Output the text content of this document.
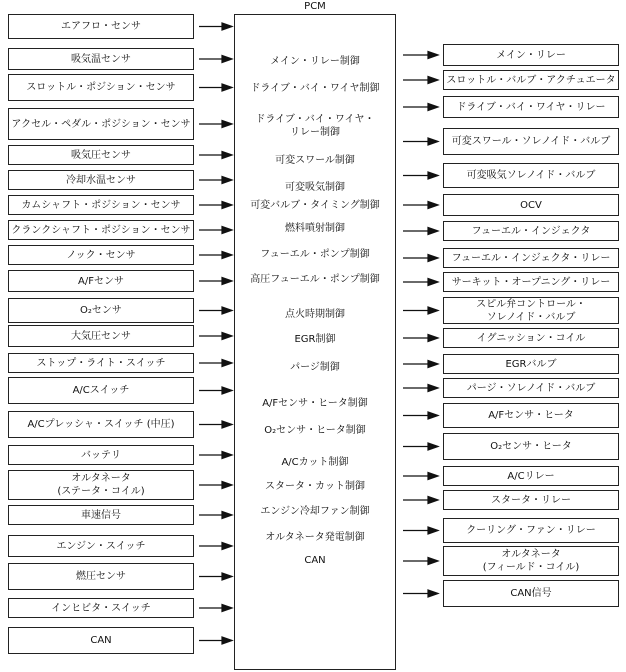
PCM
メイン・リレー制御
ドライブ・バイ・ワイヤ制御
ドライブ・バイ・ワイヤ・
リレー制御
可変スワール制御
可変吸気制御
可変バルブ・タイミング制御
燃料噴射制御
フューエル・ポンプ制御
高圧フューエル・ポンプ制御
点火時期制御
EGR制御
パージ制御
A/Fセンサ・ヒータ制御
O₂センサ・ヒータ制御
A/Cカット制御
スタータ・カット制御
エンジン冷却ファン制御
オルタネータ発電制御
CAN
エアフロ・センサ
吸気温センサ
スロットル・ポジション・センサ
アクセル・ペダル・ポジション・センサ
吸気圧センサ
冷却水温センサ
カムシャフト・ポジション・センサ
クランクシャフト・ポジション・センサ
ノック・センサ
A/Fセンサ
O₂センサ
大気圧センサ
ストップ・ライト・スイッチ
A/Cスイッチ
A/Cプレッシャ・スイッチ (中圧)
バッテリ
オルタネータ
(ステータ・コイル)
車速信号
エンジン・スイッチ
燃圧センサ
インヒビタ・スイッチ
CAN
メイン・リレー
スロットル・バルブ・アクチュエータ
ドライブ・バイ・ワイヤ・リレー
可変スワール・ソレノイド・バルブ
可変吸気ソレノイド・バルブ
OCV
フューエル・インジェクタ
フューエル・インジェクタ・リレー
サーキット・オープニング・リレー
スピル弁コントロール・
ソレノイド・バルブ
イグニッション・コイル
EGRバルブ
パージ・ソレノイド・バルブ
A/Fセンサ・ヒータ
O₂センサ・ヒータ
A/Cリレー
スタータ・リレー
クーリング・ファン・リレー
オルタネータ
(フィールド・コイル)
CAN信号
